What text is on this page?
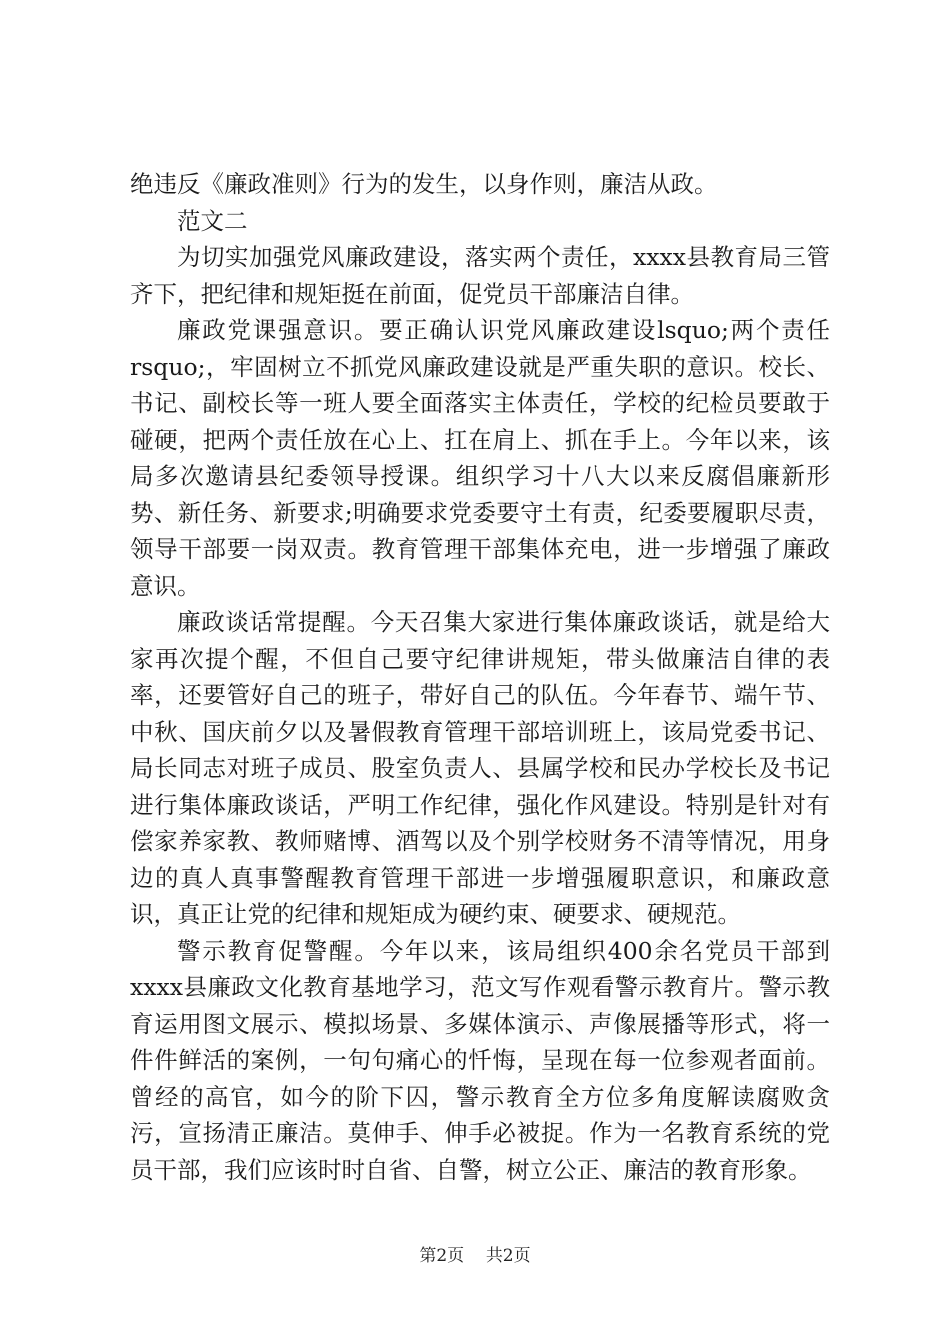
绝违反《廉政准则》行为的发生，以身作则，廉洁从政。

范文二

为切实加强党风廉政建设，落实两个责任，xxxx县教育局三管齐下，把纪律和规矩挺在前面，促党员干部廉洁自律。

廉政党课强意识。要正确认识党风廉政建设lsquo;两个责任rsquo;，牢固树立不抓党风廉政建设就是严重失职的意识。校长、书记、副校长等一班人要全面落实主体责任，学校的纪检员要敢于碰硬，把两个责任放在心上、扛在肩上、抓在手上。今年以来，该局多次邀请县纪委领导授课。组织学习十八大以来反腐倡廉新形势、新任务、新要求;明确要求党委要守土有责，纪委要履职尽责，领导干部要一岗双责。教育管理干部集体充电，进一步增强了廉政意识。

廉政谈话常提醒。今天召集大家进行集体廉政谈话，就是给大家再次提个醒，不但自己要守纪律讲规矩，带头做廉洁自律的表率，还要管好自己的班子，带好自己的队伍。今年春节、端午节、中秋、国庆前夕以及暑假教育管理干部培训班上，该局党委书记、局长同志对班子成员、股室负责人、县属学校和民办学校长及书记进行集体廉政谈话，严明工作纪律，强化作风建设。特别是针对有偿家养家教、教师赌博、酒驾以及个别学校财务不清等情况，用身边的真人真事警醒教育管理干部进一步增强履职意识，和廉政意识，真正让党的纪律和规矩成为硬约束、硬要求、硬规范。

警示教育促警醒。今年以来，该局组织400余名党员干部到xxxx县廉政文化教育基地学习，范文写作观看警示教育片。警示教育运用图文展示、模拟场景、多媒体演示、声像展播等形式，将一件件鲜活的案例，一句句痛心的忏悔，呈现在每一位参观者面前。曾经的高官，如今的阶下囚，警示教育全方位多角度解读腐败贪污，宣扬清正廉洁。莫伸手、伸手必被捉。作为一名教育系统的党员干部，我们应该时时自省、自警，树立公正、廉洁的教育形象。

第2页 共2页
